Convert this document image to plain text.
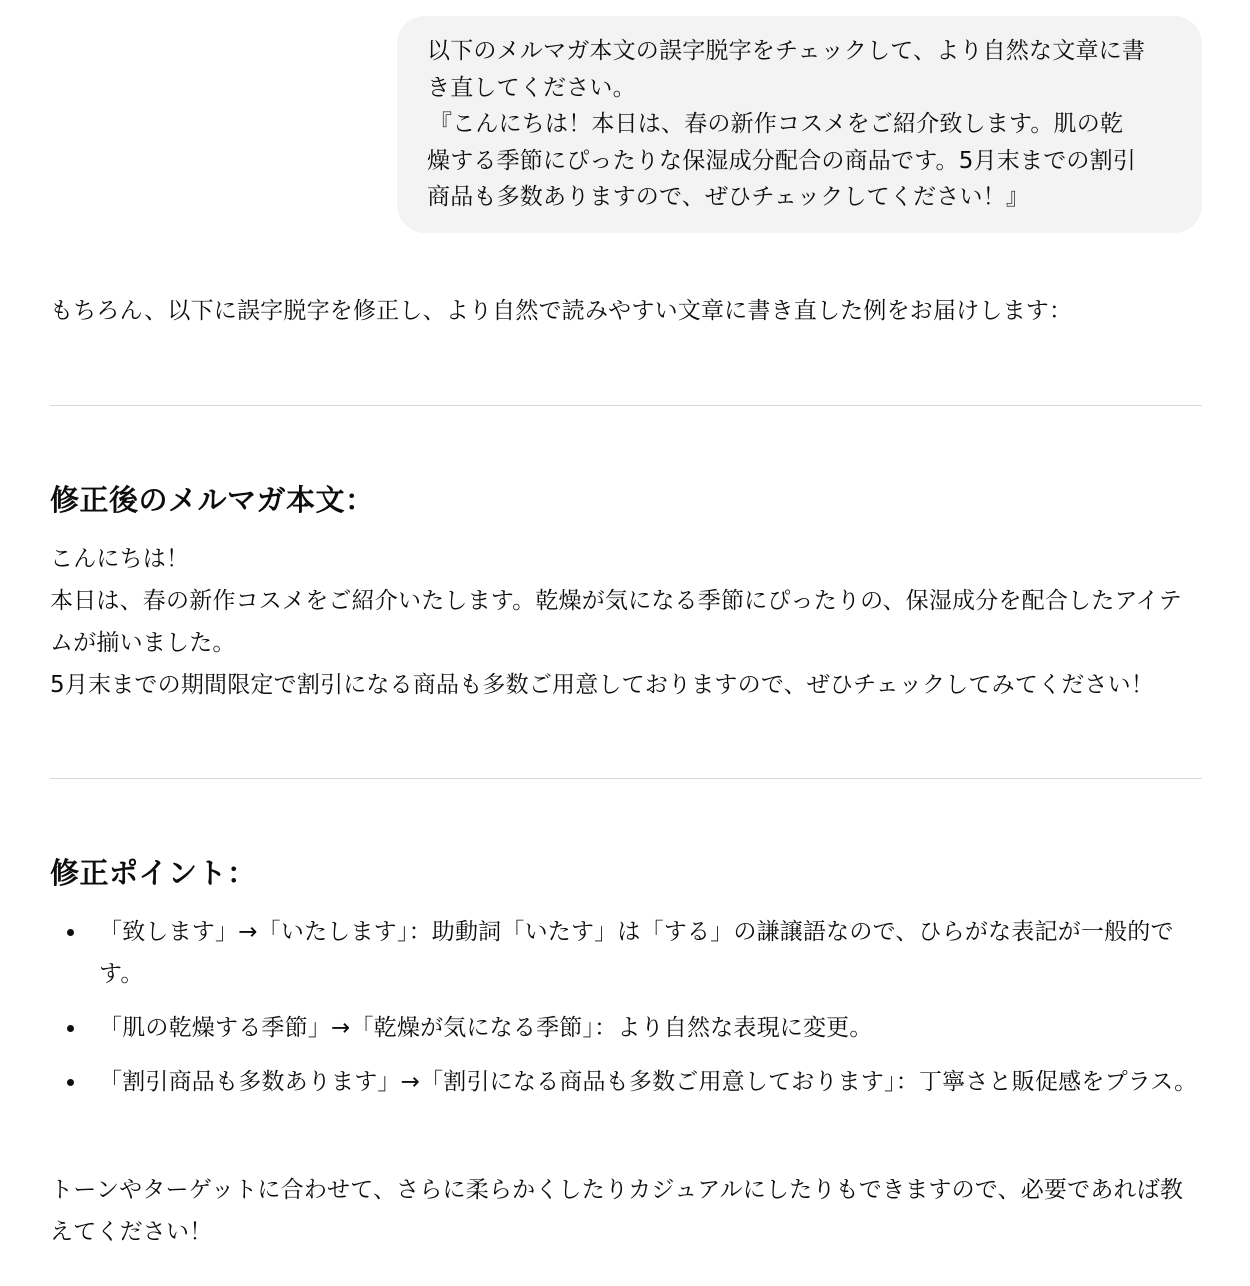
以下のメルマガ本文の誤字脱字をチェックして、より自然な文章に書

き直してください。

『こんにちは！本日は、春の新作コスメをご紹介致します。肌の乾

燥する季節にぴったりな保湿成分配合の商品です。5月末までの割引

商品も多数ありますので、ぜひチェックしてください！』

もちろん、以下に誤字脱字を修正し、より自然で読みやすい文章に書き直した例をお届けします：

修正後のメルマガ本文：

こんにちは！

本日は、春の新作コスメをご紹介いたします。乾燥が気になる季節にぴったりの、保湿成分を配合したアイテムが揃いました。

5月末までの期間限定で割引になる商品も多数ご用意しておりますので、ぜひチェックしてみてください！

修正ポイント：
「致します」→「いたします」：助動詞「いたす」は「する」の謙譲語なので、ひらがな表記が一般的です。
「肌の乾燥する季節」→「乾燥が気になる季節」：より自然な表現に変更。
「割引商品も多数あります」→「割引になる商品も多数ご用意しております」：丁寧さと販促感をプラス。

トーンやターゲットに合わせて、さらに柔らかくしたりカジュアルにしたりもできますので、必要であれば教えてください！
